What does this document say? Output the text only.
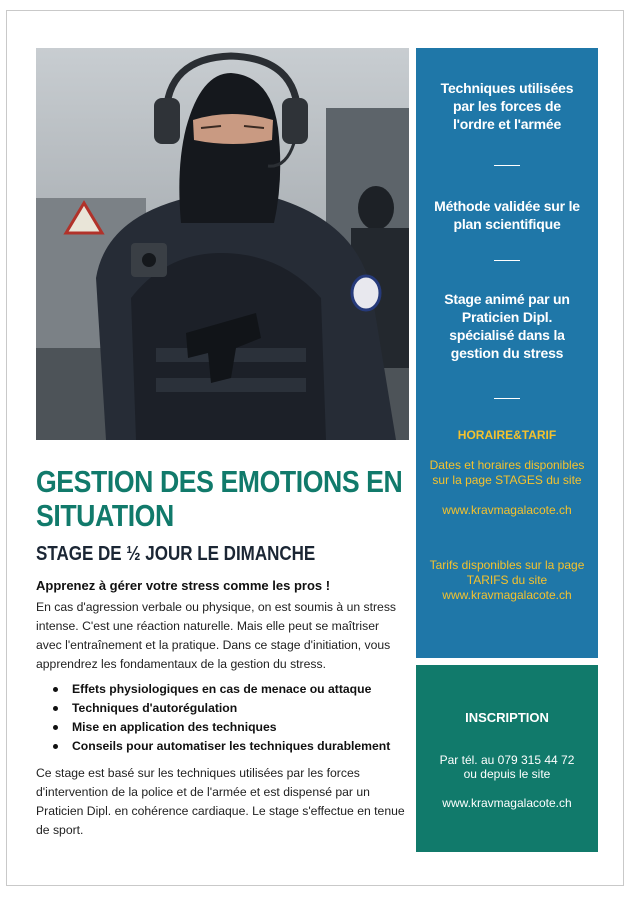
Techniques utilisées par les forces de l'ordre et l'armée

Méthode validée sur le plan scientifique

Stage animé par un Praticien Dipl. spécialisé dans la gestion du stress

HORAIRE&TARIF
Dates et horaires disponibles sur la page STAGES du site
www.kravmagalacote.ch
Tarifs disponibles sur la page TARIFS du site
www.kravmagalacote.ch
INSCRIPTION
Par tél. au 079 315 44 72
ou depuis le site
www.kravmagalacote.ch
GESTION DES EMOTIONS EN SITUATION
STAGE DE ½ JOUR LE DIMANCHE

Apprenez à gérer votre stress comme les pros !

En cas d'agression verbale ou physique, on est soumis à un stress intense. C'est une réaction naturelle. Mais elle peut se maîtriser avec l'entraînement et la pratique. Dans ce stage d'initiation, vous apprendrez les fondamentaux de la gestion du stress.

Effets physiologiques en cas de menace ou attaque
Techniques d'autorégulation
Mise en application des techniques
Conseils pour automatiser les techniques durablement

Ce stage est basé sur les techniques utilisées par les forces d'intervention de la police et de l'armée et est dispensé par un Praticien Dipl. en cohérence cardiaque. Le stage s'effectue en tenue de sport.
